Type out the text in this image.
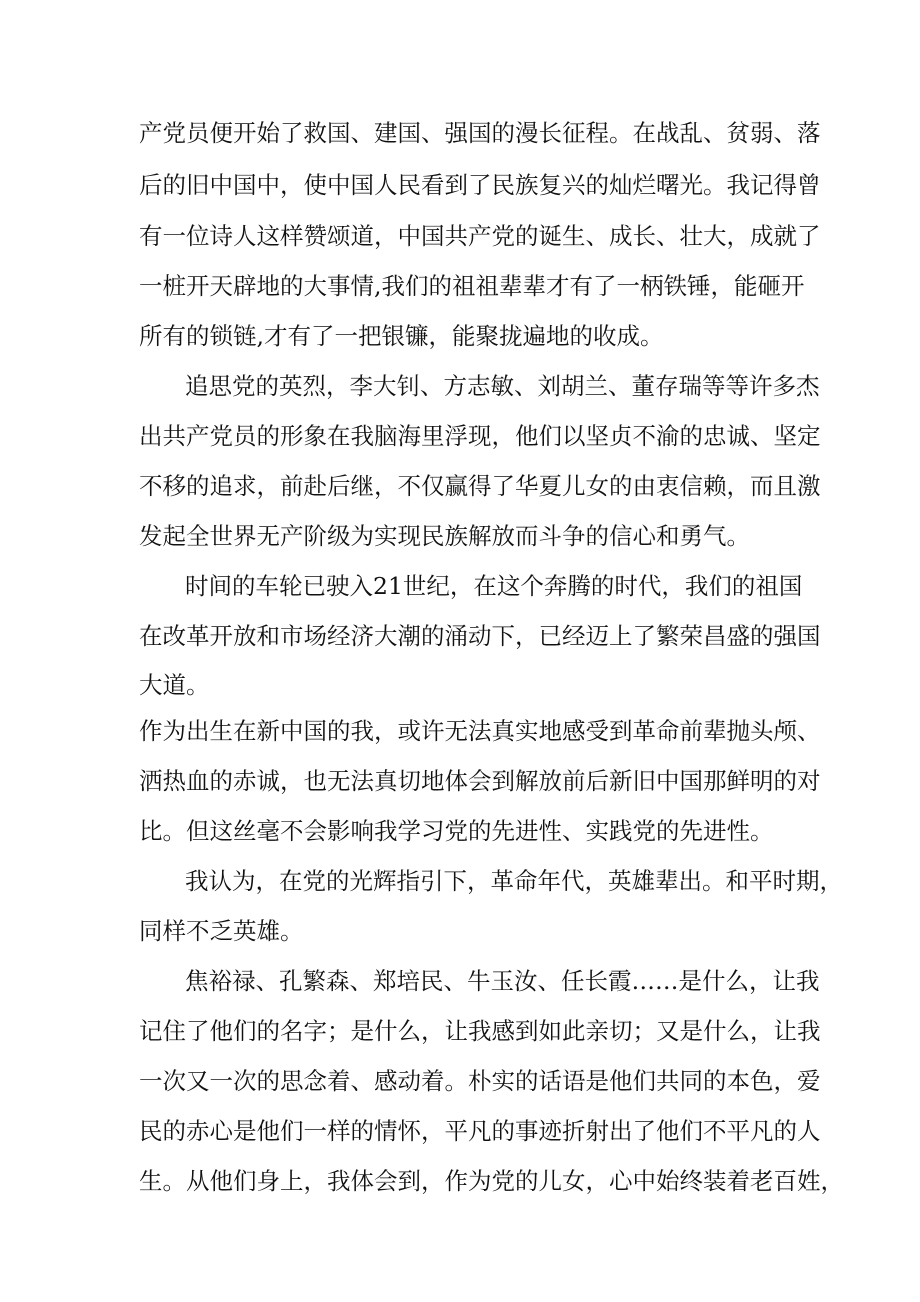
产党员便开始了救国、建国、强国的漫长征程。在战乱、贫弱、落
后的旧中国中，使中国人民看到了民族复兴的灿烂曙光。我记得曾
有一位诗人这样赞颂道，中国共产党的诞生、成长、壮大，成就了
一桩开天辟地的大事情,我们的祖祖辈辈才有了一柄铁锤，能砸开
所有的锁链,才有了一把银镰，能聚拢遍地的收成。
追思党的英烈，李大钊、方志敏、刘胡兰、董存瑞等等许多杰
出共产党员的形象在我脑海里浮现，他们以坚贞不渝的忠诚、坚定
不移的追求，前赴后继，不仅赢得了华夏儿女的由衷信赖，而且激
发起全世界无产阶级为实现民族解放而斗争的信心和勇气。
时间的车轮已驶入21世纪，在这个奔腾的时代，我们的祖国
在改革开放和市场经济大潮的涌动下，已经迈上了繁荣昌盛的强国
大道。
作为出生在新中国的我，或许无法真实地感受到革命前辈抛头颅、
洒热血的赤诚，也无法真切地体会到解放前后新旧中国那鲜明的对
比。但这丝毫不会影响我学习党的先进性、实践党的先进性。
我认为，在党的光辉指引下，革命年代，英雄辈出。和平时期，
同样不乏英雄。
焦裕禄、孔繁森、郑培民、牛玉汝、任长霞……是什么，让我
记住了他们的名字；是什么，让我感到如此亲切；又是什么，让我
一次又一次的思念着、感动着。朴实的话语是他们共同的本色，爱
民的赤心是他们一样的情怀，平凡的事迹折射出了他们不平凡的人
生。从他们身上，我体会到，作为党的儿女，心中始终装着老百姓，
